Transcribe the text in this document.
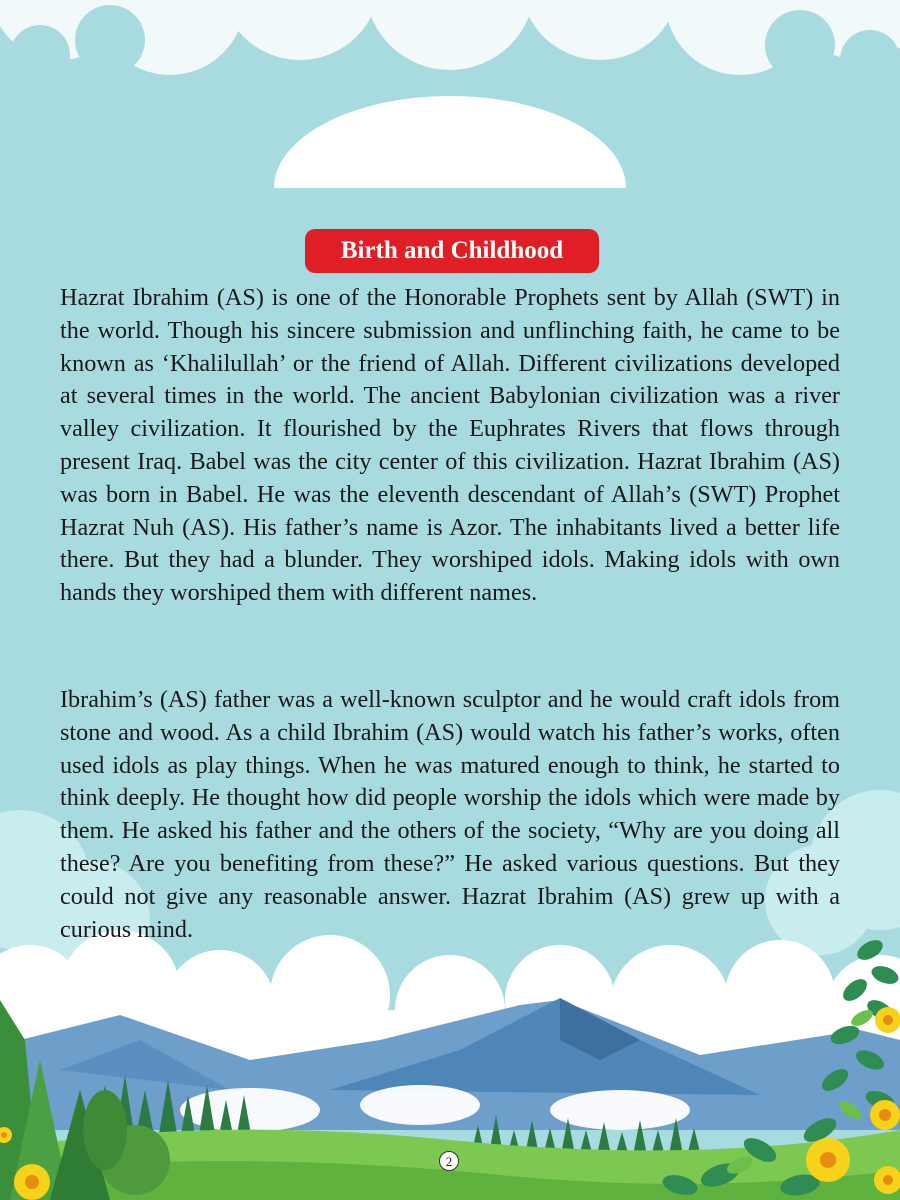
Birth and Childhood

Hazrat Ibrahim (AS) is one of the Honorable Prophets sent by Allah (SWT) in the world. Though his sincere submission and unflinching faith, he came to be known as ‘Khalilullah’ or the friend of Allah. Different civilizations developed at several times in the world. The ancient Babylonian civilization was a river valley civilization. It flourished by the Euphrates Rivers that flows through present Iraq. Babel was the city center of this civilization. Hazrat Ibrahim (AS) was born in Babel. He was the eleventh descendant of Allah’s (SWT) Prophet Hazrat Nuh (AS). His father’s name is Azor. The inhabitants lived a better life there. But they had a blunder. They worshiped idols. Making idols with own hands they worshiped them with different names.

Ibrahim’s (AS) father was a well-known sculptor and he would craft idols from stone and wood. As a child Ibrahim (AS) would watch his father’s works, often used idols as play things. When he was matured enough to think, he started to think deeply. He thought how did people worship the idols which were made by them. He asked his father and the others of the society, “Why are you doing all these? Are you benefiting from these?” He asked various questions. But they could not give any reasonable answer. Hazrat Ibrahim (AS) grew up with a curious mind.

2
